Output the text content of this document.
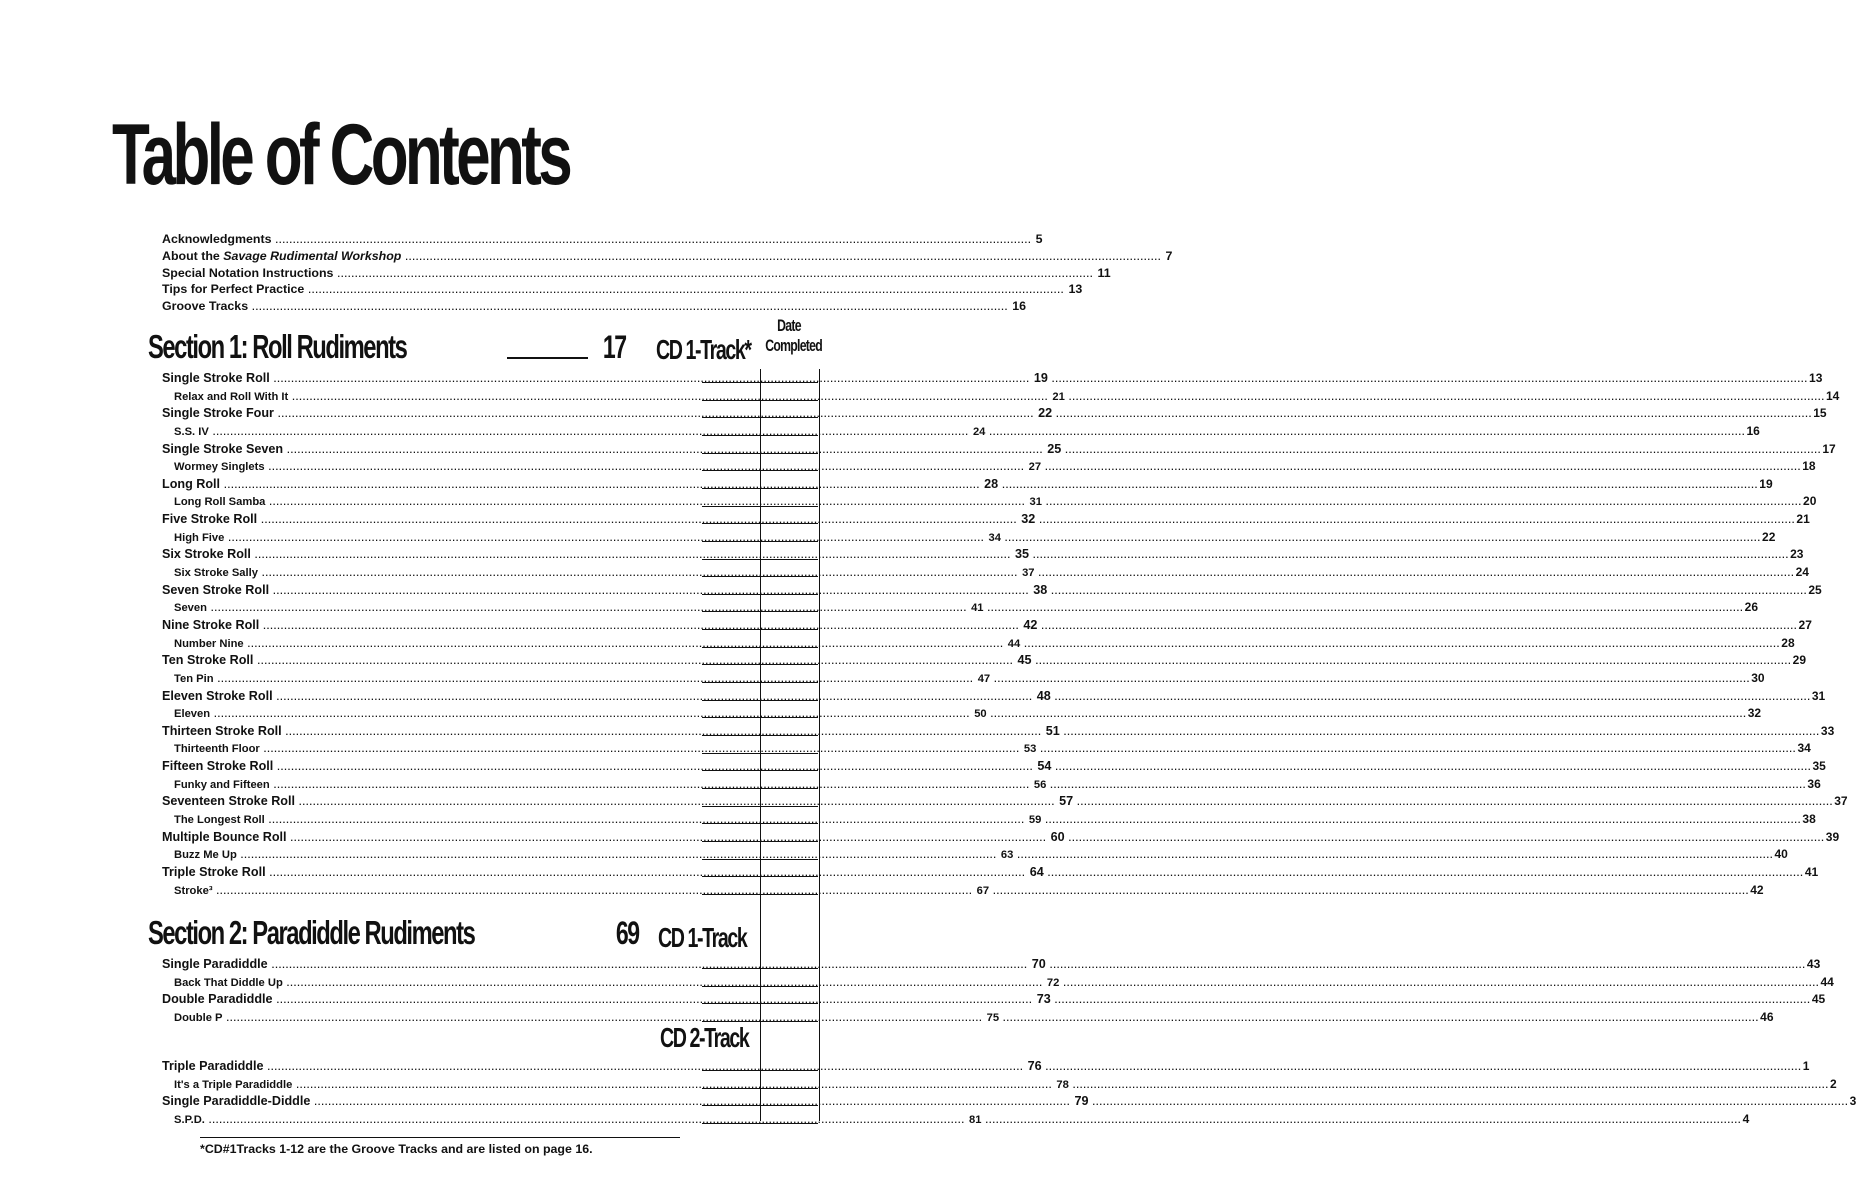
Table of Contents
Acknowledgments .....	5
About the Savage Rudimental Workshop .....	7
Special Notation Instructions .....	11
Tips for Perfect Practice .....	13
Groove Tracks .....	16
Date
Completed
Section 1: Roll Rudiments	17 CD 1-Track*
Single Stroke Roll .....	19 .....	13
Relax and Roll With It .....	21 .....	14
Single Stroke Four .....	22 .....	15
S.S. IV .....	24 .....	16
Single Stroke Seven .....	25 .....	17
Wormey Singlets .....	27 .....	18
Long Roll .....	28 .....	19
Long Roll Samba .....	31 .....	20
Five Stroke Roll .....	32 .....	21
High Five .....	34 .....	22
Six Stroke Roll .....	35 .....	23
Six Stroke Sally .....	37 .....	24
Seven Stroke Roll .....	38 .....	25
Seven .....	41 .....	26
Nine Stroke Roll .....	42 .....	27
Number Nine .....	44 .....	28
Ten Stroke Roll .....	45 .....	29
Ten Pin .....	47 .....	30
Eleven Stroke Roll .....	48 .....	31
Eleven .....	50 .....	32
Thirteen Stroke Roll .....	51 .....	33
Thirteenth Floor .....	53 .....	34
Fifteen Stroke Roll .....	54 .....	35
Funky and Fifteen .....	56 .....	36
Seventeen Stroke Roll .....	57 .....	37
The Longest Roll .....	59 .....	38
Multiple Bounce Roll .....	60 .....	39
Buzz Me Up .....	63 .....	40
Triple Stroke Roll .....	64 .....	41
Stroke³ .....	67 .....	42
Section 2: Paradiddle Rudiments	69 CD 1-Track
Single Paradiddle .....	70 .....	43
Back That Diddle Up .....	72 .....	44
Double Paradiddle .....	73 .....	45
Double P .....	75 .....	46
CD 2-Track
Triple Paradiddle .....	76 .....	1
It's a Triple Paradiddle .....	78 .....	2
Single Paradiddle-Diddle .....	79 .....	3
S.P.D. .....	81 .....	4
*CD#1Tracks 1-12 are the Groove Tracks and are listed on page 16.
